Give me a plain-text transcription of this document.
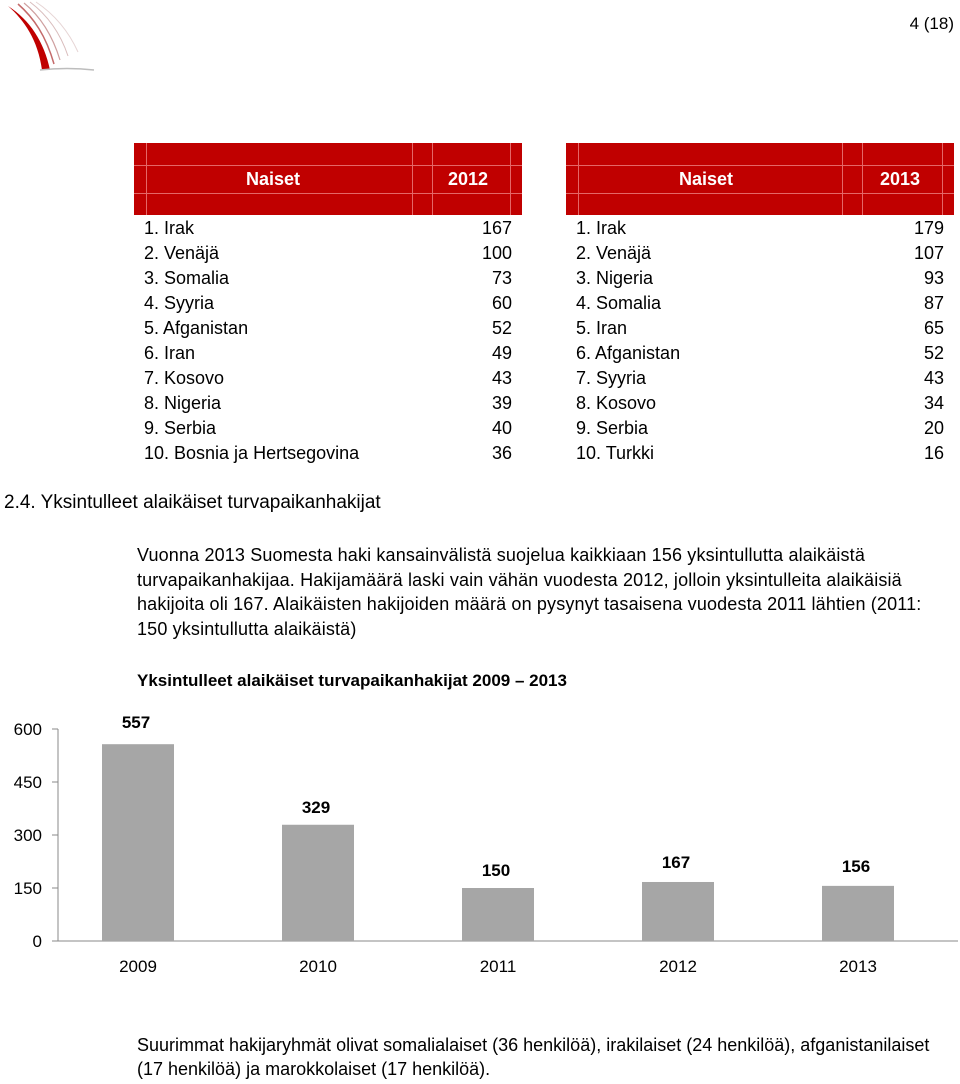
4 (18)
Naiset	2012
1. Irak	167
2. Venäjä	100
3. Somalia	73
4. Syyria	60
5. Afganistan	52
6. Iran	49
7. Kosovo	43
8. Nigeria	39
9. Serbia	40
10. Bosnia ja Hertsegovina	36
Naiset	2013
1. Irak	179
2. Venäjä	107
3. Nigeria	93
4. Somalia	87
5. Iran	65
6. Afganistan	52
7. Syyria	43
8. Kosovo	34
9. Serbia	20
10. Turkki	16
2.4. Yksintulleet alaikäiset turvapaikanhakijat
Vuonna 2013 Suomesta haki kansainvälistä suojelua kaikkiaan 156 yksintullutta alaikäistä turvapaikanhakijaa. Hakijamäärä laski vain vähän vuodesta 2012, jolloin yksintulleita alaikäisiä hakijoita oli 167. Alaikäisten hakijoiden määrä on pysynyt tasaisena vuodesta 2011 lähtien (2011: 150 yksintullutta alaikäistä)
Yksintulleet alaikäiset turvapaikanhakijat 2009 – 2013
0
150
300
450
600	557
329
150	167	156
2009	2010	2011	2012	2013
Suurimmat hakijaryhmät olivat somalialaiset (36 henkilöä), irakilaiset (24 henkilöä), afganistanilaiset (17 henkilöä) ja marokkolaiset (17 henkilöä).
